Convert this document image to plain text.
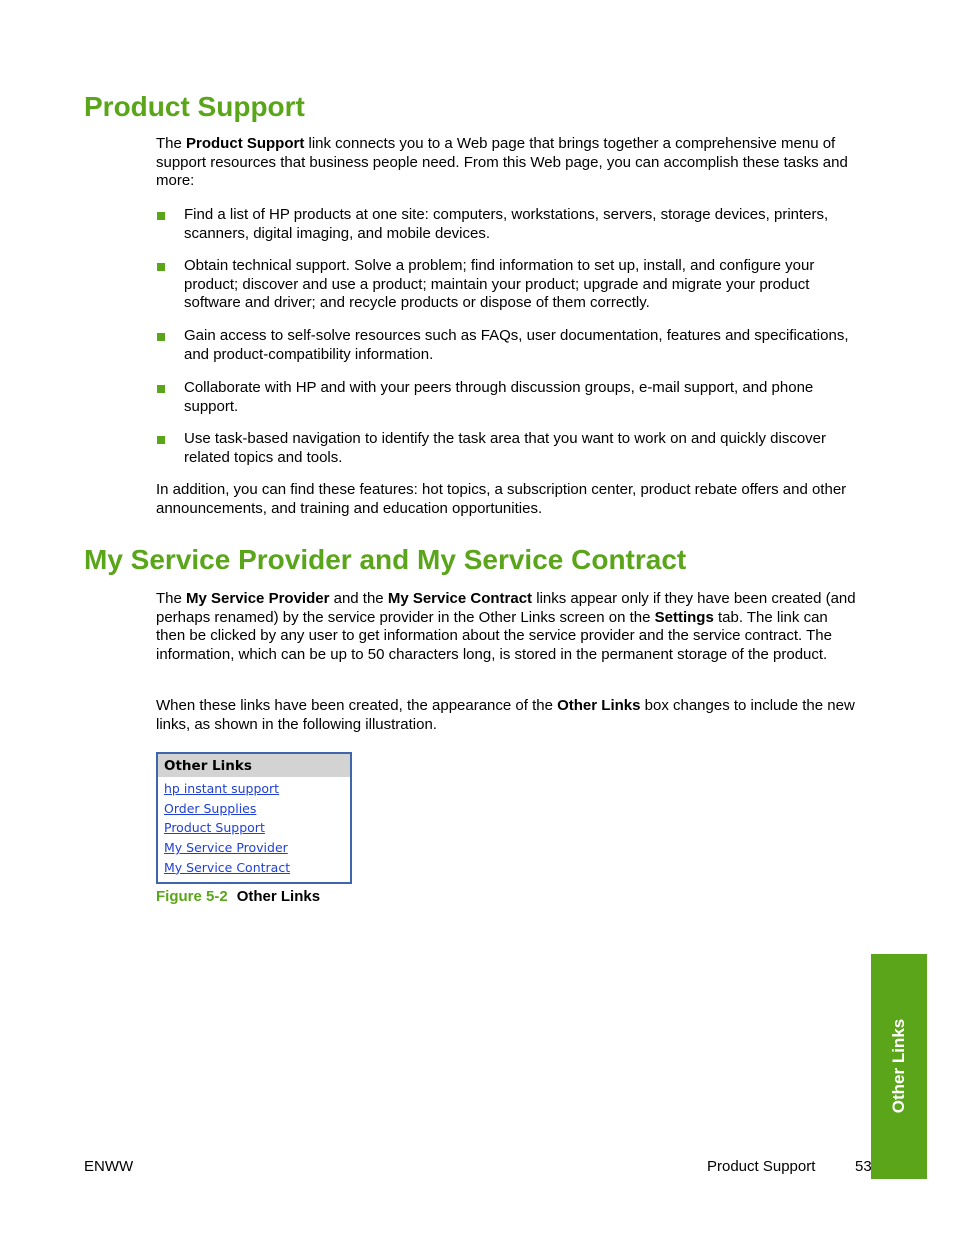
Product Support

The Product Support link connects you to a Web page that brings together a comprehensive menu of support resources that business people need. From this Web page, you can accomplish these tasks and more:

Find a list of HP products at one site: computers, workstations, servers, storage devices, printers, scanners, digital imaging, and mobile devices.
Obtain technical support. Solve a problem; find information to set up, install, and configure your product; discover and use a product; maintain your product; upgrade and migrate your product software and driver; and recycle products or dispose of them correctly.
Gain access to self-solve resources such as FAQs, user documentation, features and specifications, and product-compatibility information.
Collaborate with HP and with your peers through discussion groups, e-mail support, and phone support.
Use task-based navigation to identify the task area that you want to work on and quickly discover related topics and tools.

In addition, you can find these features: hot topics, a subscription center, product rebate offers and other announcements, and training and education opportunities.

My Service Provider and My Service Contract

The My Service Provider and the My Service Contract links appear only if they have been created (and perhaps renamed) by the service provider in the Other Links screen on the Settings tab. The link can then be clicked by any user to get information about the service provider and the service contract. The information, which can be up to 50 characters long, is stored in the permanent storage of the product.

When these links have been created, the appearance of the Other Links box changes to include the new links, as shown in the following illustration.

Other Links
hp instant support
Order Supplies
Product Support
My Service Provider
My Service Contract
Figure 5-2 Other Links
Other Links
ENWW	Product Support	53
